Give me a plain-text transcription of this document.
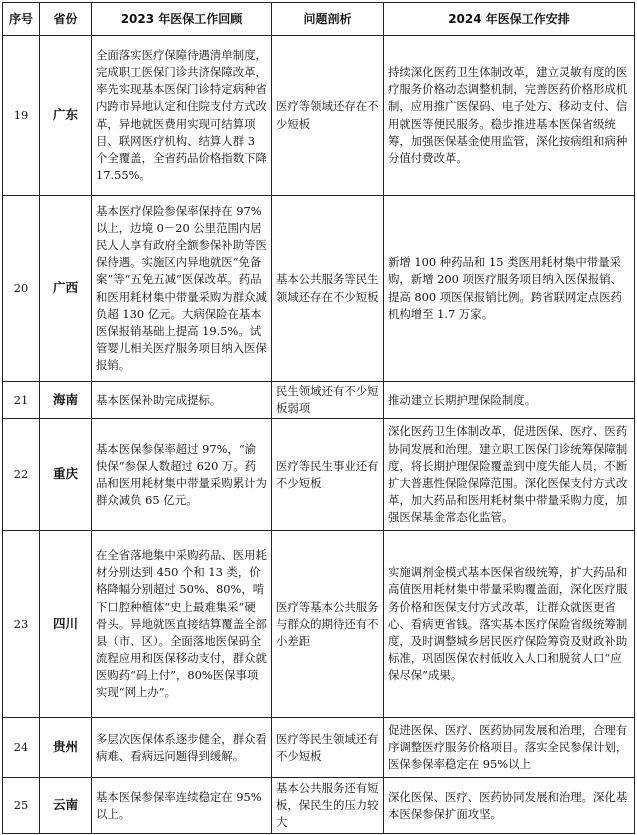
序号	省份	2023 年医保工作回顾	问题剖析	2024 年医保工作安排
19	广东	全面落实医疗保障待遇清单制度，完成职工医保门诊共济保障改革，率先实现基本医保门诊特定病种省内跨市异地认定和住院支付方式改革，异地就医费用实现可结算项目、联网医疗机构、结算人群 3 个全覆盖，全省药品价格指数下降 17.55%。	医疗等领域还存在不少短板	持续深化医药卫生体制改革，建立灵敏有度的医疗服务价格动态调整机制，完善医药价格形成机制，应用推广医保码、电子处方、移动支付、信用就医等便民服务。稳步推进基本医保省级统筹，加强医保基金使用监管，深化按病组和病种分值付费改革。
20	广西	基本医疗保险参保率保持在 97%以上，边境 0－20 公里范围内居民人人享有政府全额参保补助等医保待遇。实施区内异地就医“免备案”等“五免五减”医保改革。药品和医用耗材集中带量采购为群众减负超 130 亿元。大病保险在基本医保报销基础上提高 19.5%。试管婴儿相关医疗服务项目纳入医保报销。	基本公共服务等民生领域还存在不少短板	新增 100 种药品和 15 类医用耗材集中带量采购，新增 200 项医疗服务项目纳入医保报销、提高 800 项医保报销比例。跨省联网定点医药机构增至 1.7 万家。
21	海南	基本医保补助完成提标。	民生领域还有不少短板弱项	推动建立长期护理保险制度。
22	重庆	基本医保参保率超过 97%，“渝快保”参保人数超过 620 万。药品和医用耗材集中带量采购累计为群众减负 65 亿元。	医疗等民生事业还有不少短板	深化医药卫生体制改革，促进医保、医疗、医药协同发展和治理。建立职工医保门诊统筹保障制度，将长期护理保险覆盖到中度失能人员，不断扩大普惠性保险保障范围。深化医保支付方式改革，加大药品和医用耗材集中带量采购力度，加强医保基金常态化监管。
23	四川	在全省落地集中采购药品、医用耗材分别达到 450 个和 13 类，价格降幅分别超过 50%、80%，啃下口腔种植体“史上最难集采”硬骨头。异地就医直接结算覆盖全部县（市、区）。全面落地医保码全流程应用和医保移动支付，群众就医购药“码上付”，80%医保事项实现“网上办”。	医疗等基本公共服务与群众的期待还有不小差距	实施调剂金模式基本医保省级统筹，扩大药品和高值医用耗材集中带量采购覆盖面，深化医疗服务价格和医保支付方式改革，让群众就医更省心、看病更省钱。落实基本医疗保险省级统筹制度，及时调整城乡居民医疗保险筹资及财政补助标准，巩固医保农村低收入人口和脱贫人口“应保尽保”成果。
24	贵州	多层次医保体系逐步健全，群众看病难、看病远问题得到缓解。	医疗等民生领域还有不少短板	促进医保、医疗、医药协同发展和治理，合理有序调整医疗服务价格项目。落实全民参保计划，医保参保率稳定在 95%以上
25	云南	基本医保参保率连续稳定在 95%以上。	基本公共服务还有短板，保民生的压力较大	深化医保、医疗、医药协同发展和治理。深化基本医保参保扩面攻坚。
